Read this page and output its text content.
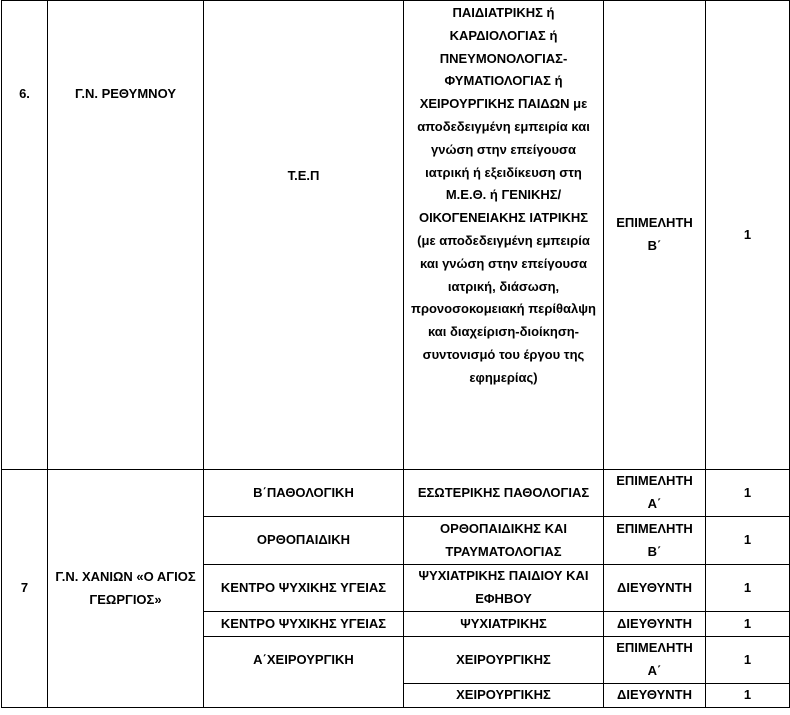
6.	Γ.Ν. ΡΕΘΥΜΝΟΥ	Τ.Ε.Π	ΠΑΙΔΙΑΤΡΙΚΗΣ ή ΚΑΡΔΙΟΛΟΓΙΑΣ ή ΠΝΕΥΜΟΝΟΛΟΓΙΑΣ-ΦΥΜΑΤΙΟΛΟΓΙΑΣ ή ΧΕΙΡΟΥΡΓΙΚΗΣ ΠΑΙΔΩΝ με αποδεδειγμένη εμπειρία και γνώση στην επείγουσα ιατρική ή εξειδίκευση στη Μ.Ε.Θ. ή ΓΕΝΙΚΗΣ/ΟΙΚΟΓΕΝΕΙΑΚΗΣ ΙΑΤΡΙΚΗΣ (με αποδεδειγμένη εμπειρία και γνώση στην επείγουσα ιατρική, διάσωση, προνοσοκομειακή περίθαλψη και διαχείριση-διοίκηση-συντονισμό του έργου της εφημερίας)	ΕΠΙΜΕΛΗΤΗ Β΄	1

7	Γ.Ν. ΧΑΝΙΩΝ «Ο ΑΓΙΟΣ ΓΕΩΡΓΙΟΣ»	Β΄ΠΑΘΟΛΟΓΙΚΗ	ΕΣΩΤΕΡΙΚΗΣ ΠΑΘΟΛΟΓΙΑΣ	ΕΠΙΜΕΛΗΤΗ Α΄	1
		ΟΡΘΟΠΑΙΔΙΚΗ	ΟΡΘΟΠΑΙΔΙΚΗΣ ΚΑΙ ΤΡΑΥΜΑΤΟΛΟΓΙΑΣ	ΕΠΙΜΕΛΗΤΗ Β΄	1
		ΚΕΝΤΡΟ ΨΥΧΙΚΗΣ ΥΓΕΙΑΣ	ΨΥΧΙΑΤΡΙΚΗΣ ΠΑΙΔΙΟΥ ΚΑΙ ΕΦΗΒΟΥ	ΔΙΕΥΘΥΝΤΗ	1
		ΚΕΝΤΡΟ ΨΥΧΙΚΗΣ ΥΓΕΙΑΣ	ΨΥΧΙΑΤΡΙΚΗΣ	ΔΙΕΥΘΥΝΤΗ	1
		Α΄ΧΕΙΡΟΥΡΓΙΚΗ	ΧΕΙΡΟΥΡΓΙΚΗΣ	ΕΠΙΜΕΛΗΤΗ Α΄	1
			ΧΕΙΡΟΥΡΓΙΚΗΣ	ΔΙΕΥΘΥΝΤΗ	1
